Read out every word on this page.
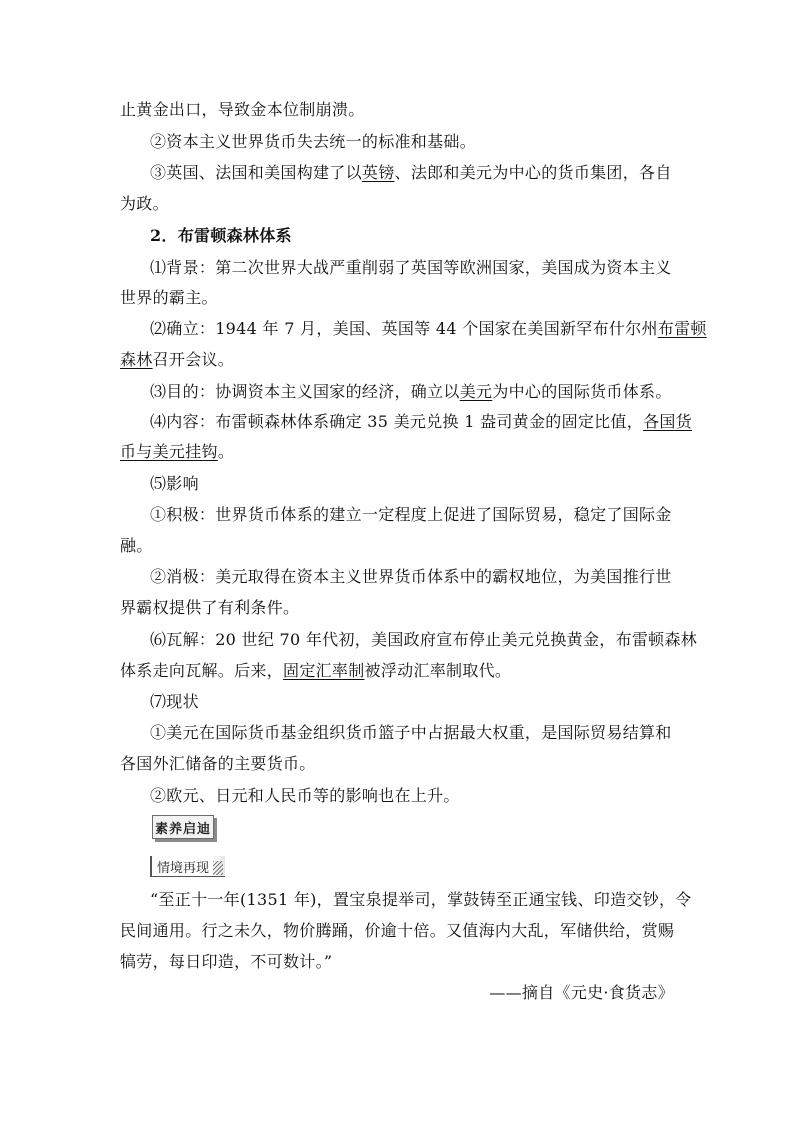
止黄金出口，导致金本位制崩溃。
②资本主义世界货币失去统一的标准和基础。
③英国、法国和美国构建了以英镑、法郎和美元为中心的货币集团，各自
为政。
2．布雷顿森林体系
⑴背景：第二次世界大战严重削弱了英国等欧洲国家，美国成为资本主义
世界的霸主。
⑵确立：1944 年 7 月，美国、英国等 44 个国家在美国新罕布什尔州布雷顿
森林召开会议。
⑶目的：协调资本主义国家的经济，确立以美元为中心的国际货币体系。
⑷内容：布雷顿森林体系确定 35 美元兑换 1 盎司黄金的固定比值，各国货
币与美元挂钩。
⑸影响
①积极：世界货币体系的建立一定程度上促进了国际贸易，稳定了国际金
融。
②消极：美元取得在资本主义世界货币体系中的霸权地位，为美国推行世
界霸权提供了有利条件。
⑹瓦解：20 世纪 70 年代初，美国政府宣布停止美元兑换黄金，布雷顿森林
体系走向瓦解。后来，固定汇率制被浮动汇率制取代。
⑺现状
①美元在国际货币基金组织货币篮子中占据最大权重，是国际贸易结算和
各国外汇储备的主要货币。
②欧元、日元和人民币等的影响也在上升。
素养启迪
情境再现
“至正十一年(1351 年)，置宝泉提举司，掌鼓铸至正通宝钱、印造交钞，令
民间通用。行之未久，物价腾踊，价逾十倍。又值海内大乱，军储供给，赏赐
犒劳，每日印造，不可数计。”
——摘自《元史·食货志》
